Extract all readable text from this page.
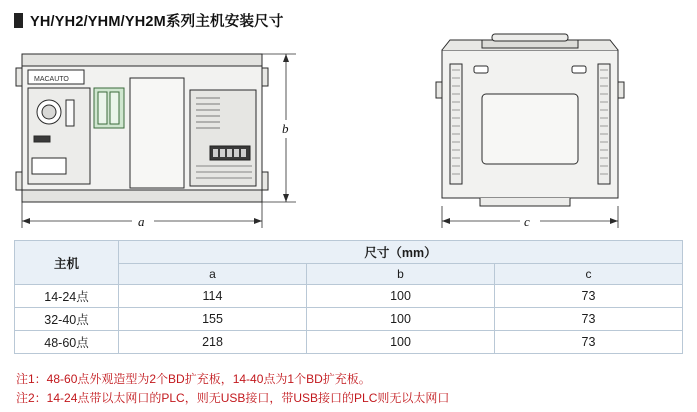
YH/YH2/YHM/YH2M系列主机安装尺寸
a
b
MACAUTO
c
主机	尺寸（mm）		
	a	b	c
14-24点	114	100	73
32-40点	155	100	73
48-60点	218	100	73
注1：48-60点外观造型为2个BD扩充板，14-40点为1个BD扩充板。
注2：14-24点带以太网口的PLC，则无USB接口，带USB接口的PLC则无以太网口
